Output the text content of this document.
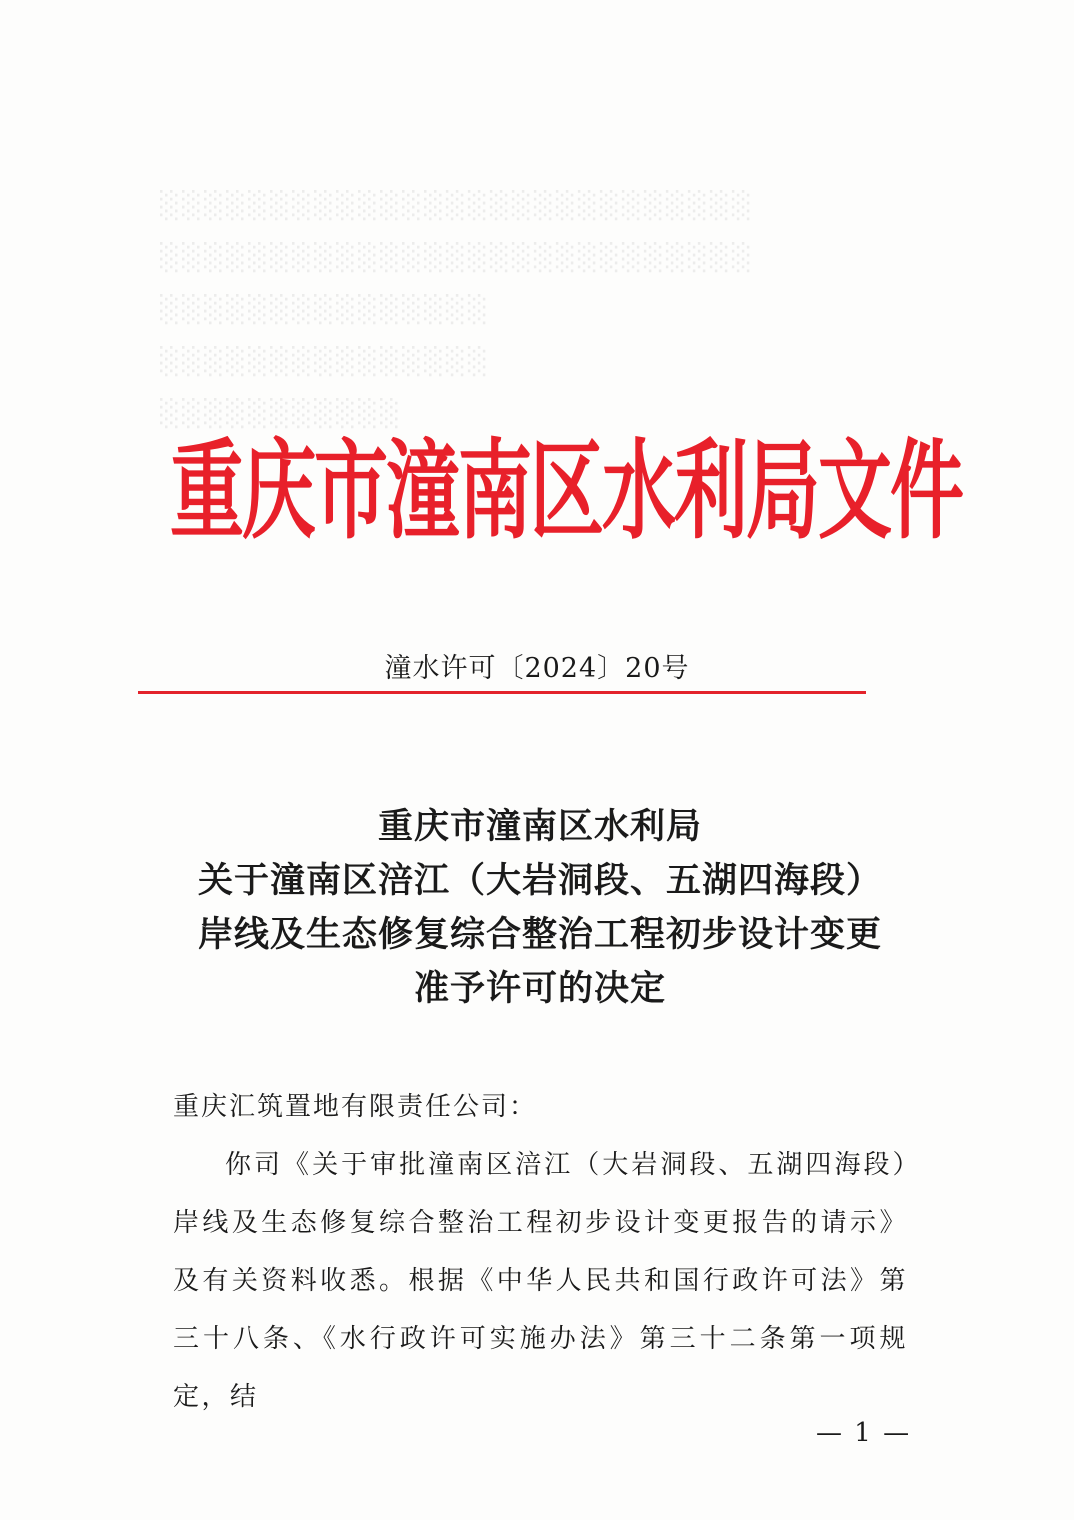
░░░░░░░░░░░░░░░░░░░░░░░░░░░
░░░░░░░░░░░░░░░░░░░░░░░░░░░
░░░░░░░░░░░░░░░
░░░░░░░░░░░░░░░
░░░░░░░░░░░
重庆市潼南区水利局文件
潼水许可〔2024〕20号
重庆市潼南区水利局
关于潼南区涪江（大岩洞段、五湖四海段）
岸线及生态修复综合整治工程初步设计变更
准予许可的决定

重庆汇筑置地有限责任公司：

你司《关于审批潼南区涪江（大岩洞段、五湖四海段）岸线及生态修复综合整治工程初步设计变更报告的请示》及有关资料收悉。根据《中华人民共和国行政许可法》第三十八条、《水行政许可实施办法》第三十二条第一项规定，结

— 1 —
